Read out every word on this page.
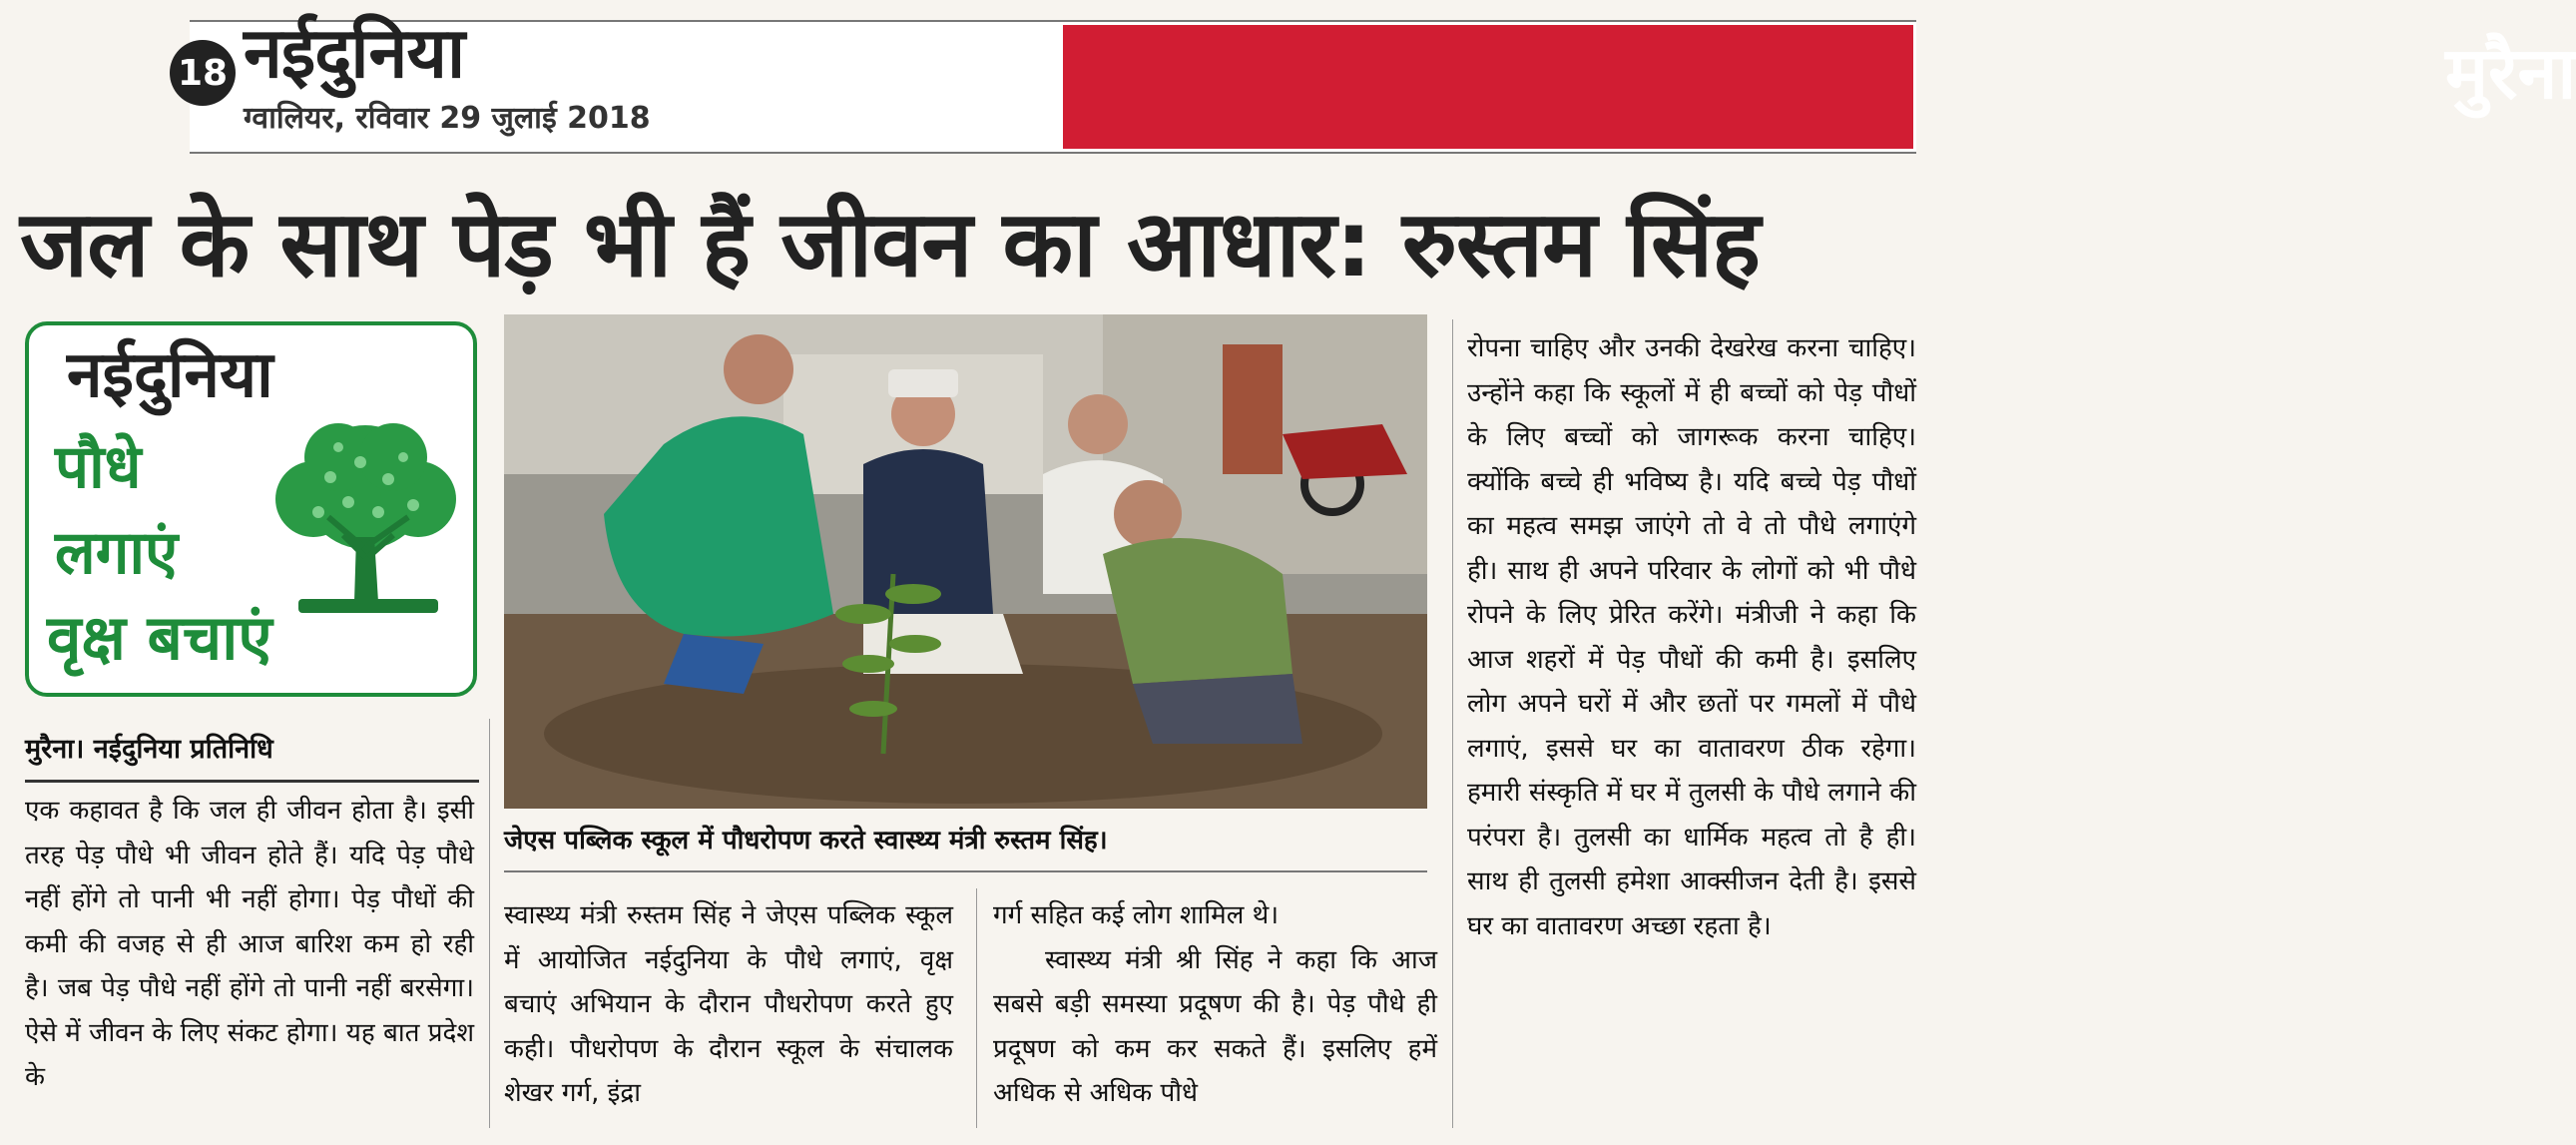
मुरैना
18 नईदुनिया
ग्वालियर, रविवार 29 जुलाई 2018
जल के साथ पेड़ भी हैं जीवन का आधार: रुस्तम सिंह
नईदुनिया
पौधे
लगाएं
वृक्ष बचाएं
मुरैना। नईदुनिया प्रतिनिधि

एक कहावत है कि जल ही जीवन होता है। इसी तरह पेड़ पौधे भी जीवन होते हैं। यदि पेड़ पौधे नहीं होंगे तो पानी भी नहीं होगा। पेड़ पौधों की कमी की वजह से ही आज बारिश कम हो रही है। जब पेड़ पौधे नहीं होंगे तो पानी नहीं बरसेगा। ऐसे में जीवन के लिए संकट होगा। यह बात प्रदेश के

जेएस पब्लिक स्कूल में पौधरोपण करते स्वास्थ्य मंत्री रुस्तम सिंह।

स्वास्थ्य मंत्री रुस्तम सिंह ने जेएस पब्लिक स्कूल में आयोजित नईदुनिया के पौधे लगाएं, वृक्ष बचाएं अभियान के दौरान पौधरोपण करते हुए कही। पौधरोपण के दौरान स्कूल के संचालक शेखर गर्ग, इंद्रा

गर्ग सहित कई लोग शामिल थे।

स्वास्थ्य मंत्री श्री सिंह ने कहा कि आज सबसे बड़ी समस्या प्रदूषण की है। पेड़ पौधे ही प्रदूषण को कम कर सकते हैं। इसलिए हमें अधिक से अधिक पौधे

रोपना चाहिए और उनकी देखरेख करना चाहिए। उन्होंने कहा कि स्कूलों में ही बच्चों को पेड़ पौधों के लिए बच्चों को जागरूक करना चाहिए। क्योंकि बच्चे ही भविष्य है। यदि बच्चे पेड़ पौधों का महत्व समझ जाएंगे तो वे तो पौधे लगाएंगे ही। साथ ही अपने परिवार के लोगों को भी पौधे रोपने के लिए प्रेरित करेंगे। मंत्रीजी ने कहा कि आज शहरों में पेड़ पौधों की कमी है। इसलिए लोग अपने घरों में और छतों पर गमलों में पौधे लगाएं, इससे घर का वातावरण ठीक रहेगा। हमारी संस्कृति में घर में तुलसी के पौधे लगाने की परंपरा है। तुलसी का धार्मिक महत्व तो है ही। साथ ही तुलसी हमेशा आक्सीजन देती है। इससे घर का वातावरण अच्छा रहता है।
